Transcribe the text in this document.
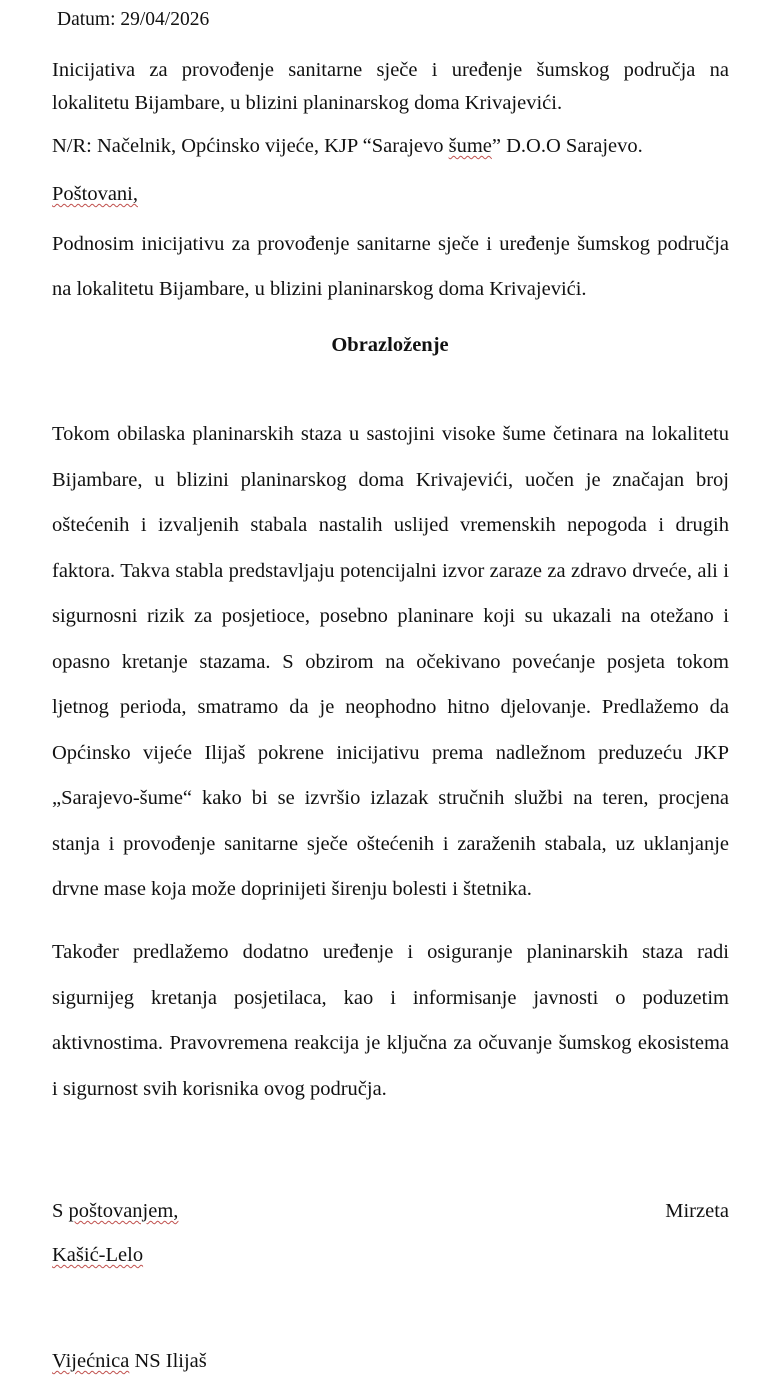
Datum: 29/04/2026
Inicijativa za provođenje sanitarne sječe i uređenje šumskog područja na lokalitetu Bijambare, u blizini planinarskog doma Krivajevići.
N/R: Načelnik, Općinsko vijeće, KJP “Sarajevo šume” D.O.O Sarajevo.
Poštovani,
Podnosim inicijativu za provođenje sanitarne sječe i uređenje šumskog područja na lokalitetu Bijambare, u blizini planinarskog doma Krivajevići.
Obrazloženje
Tokom obilaska planinarskih staza u sastojini visoke šume četinara na lokalitetu Bijambare, u blizini planinarskog doma Krivajevići, uočen je značajan broj oštećenih i izvaljenih stabala nastalih uslijed vremenskih nepogoda i drugih faktora. Takva stabla predstavljaju potencijalni izvor zaraze za zdravo drveće, ali i sigurnosni rizik za posjetioce, posebno planinare koji su ukazali na otežano i opasno kretanje stazama. S obzirom na očekivano povećanje posjeta tokom ljetnog perioda, smatramo da je neophodno hitno djelovanje. Predlažemo da Općinsko vijeće Ilijaš pokrene inicijativu prema nadležnom preduzeću JKP „Sarajevo-šume“ kako bi se izvršio izlazak stručnih službi na teren, procjena stanja i provođenje sanitarne sječe oštećenih i zaraženih stabala, uz uklanjanje drvne mase koja može doprinijeti širenju bolesti i štetnika.
Također predlažemo dodatno uređenje i osiguranje planinarskih staza radi sigurnijeg kretanja posjetilaca, kao i informisanje javnosti o poduzetim aktivnostima. Pravovremena reakcija je ključna za očuvanje šumskog ekosistema i sigurnost svih korisnika ovog područja.
S poštovanjem,	Mirzeta
Kašić-Lelo
Vijećnica NS Ilijaš
